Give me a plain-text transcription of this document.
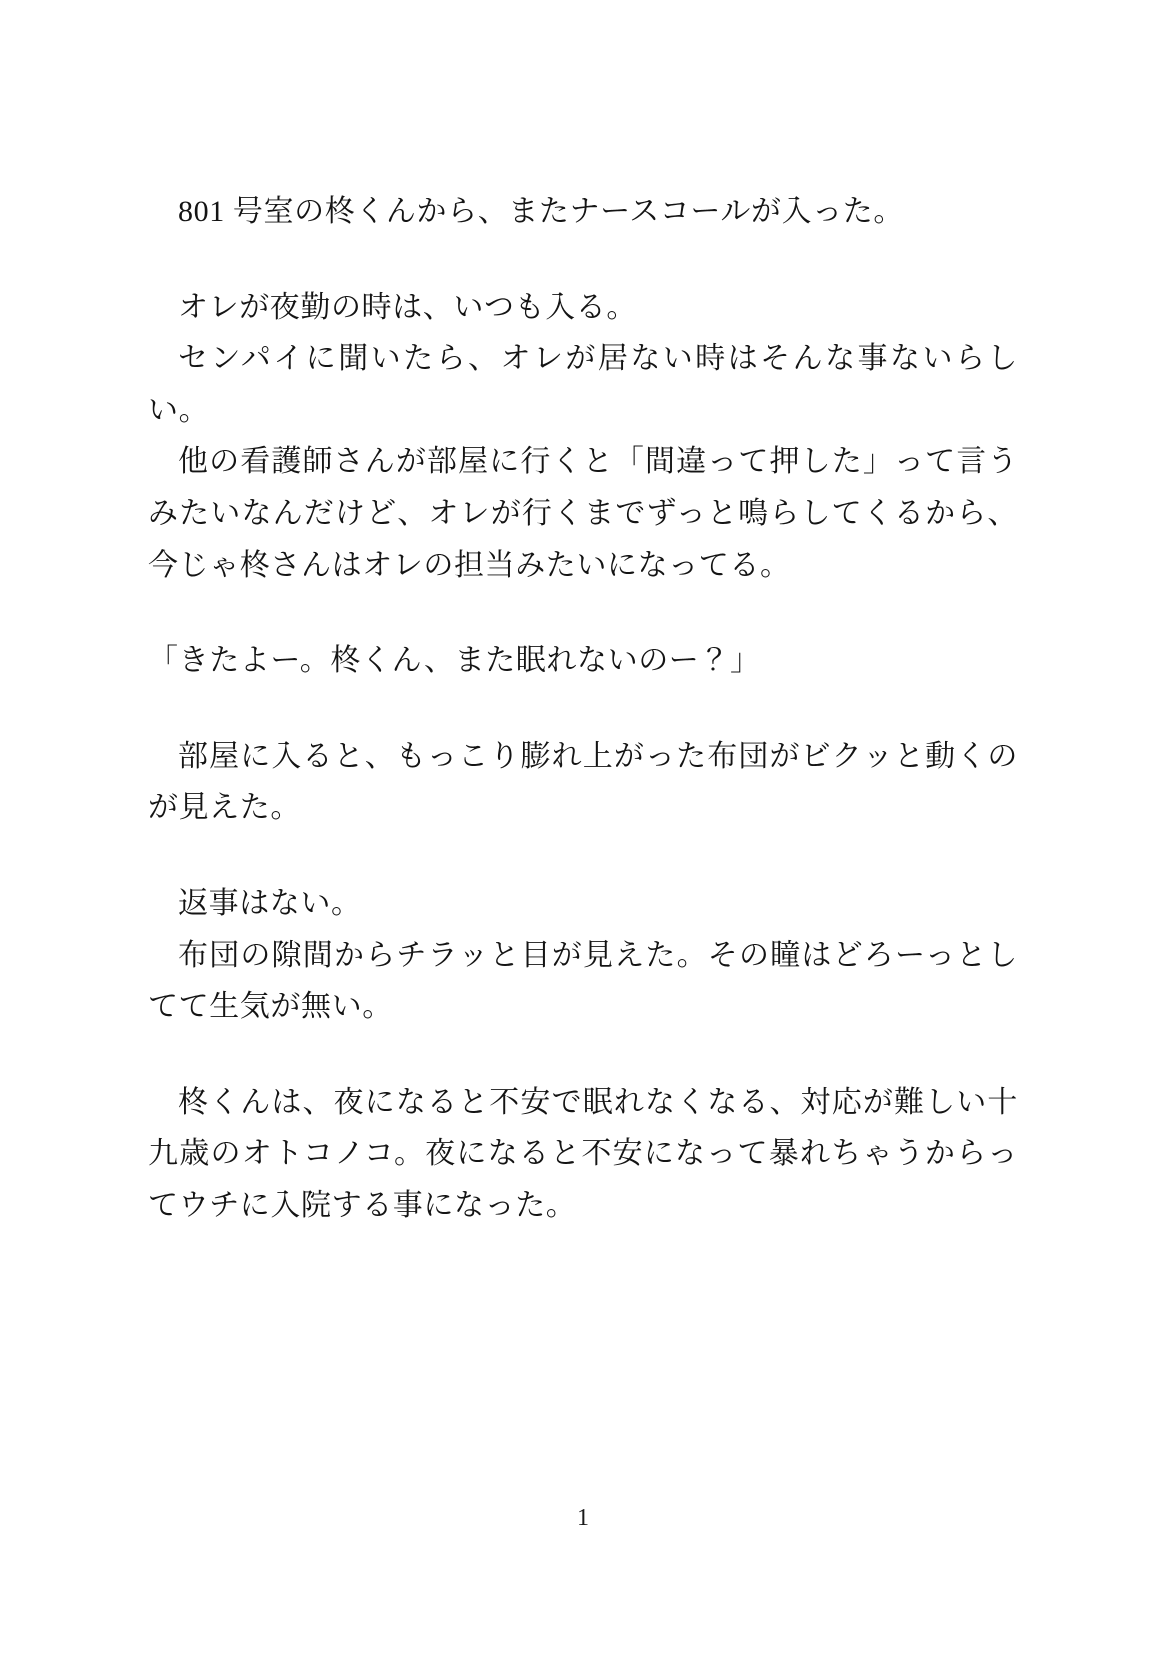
801 号室の柊くんから、またナースコールが入った。

オレが夜勤の時は、いつも入る。

センパイに聞いたら、オレが居ない時はそんな事ないらしい。

他の看護師さんが部屋に行くと「間違って押した」って言うみたいなんだけど、オレが行くまでずっと鳴らしてくるから、今じゃ柊さんはオレの担当みたいになってる。

「きたよー。柊くん、また眠れないのー？」

部屋に入ると、もっこり膨れ上がった布団がビクッと動くのが見えた。

返事はない。

布団の隙間からチラッと目が見えた。その瞳はどろーっとしてて生気が無い。

柊くんは、夜になると不安で眠れなくなる、対応が難しい十九歳のオトコノコ。夜になると不安になって暴れちゃうからってウチに入院する事になった。

1
